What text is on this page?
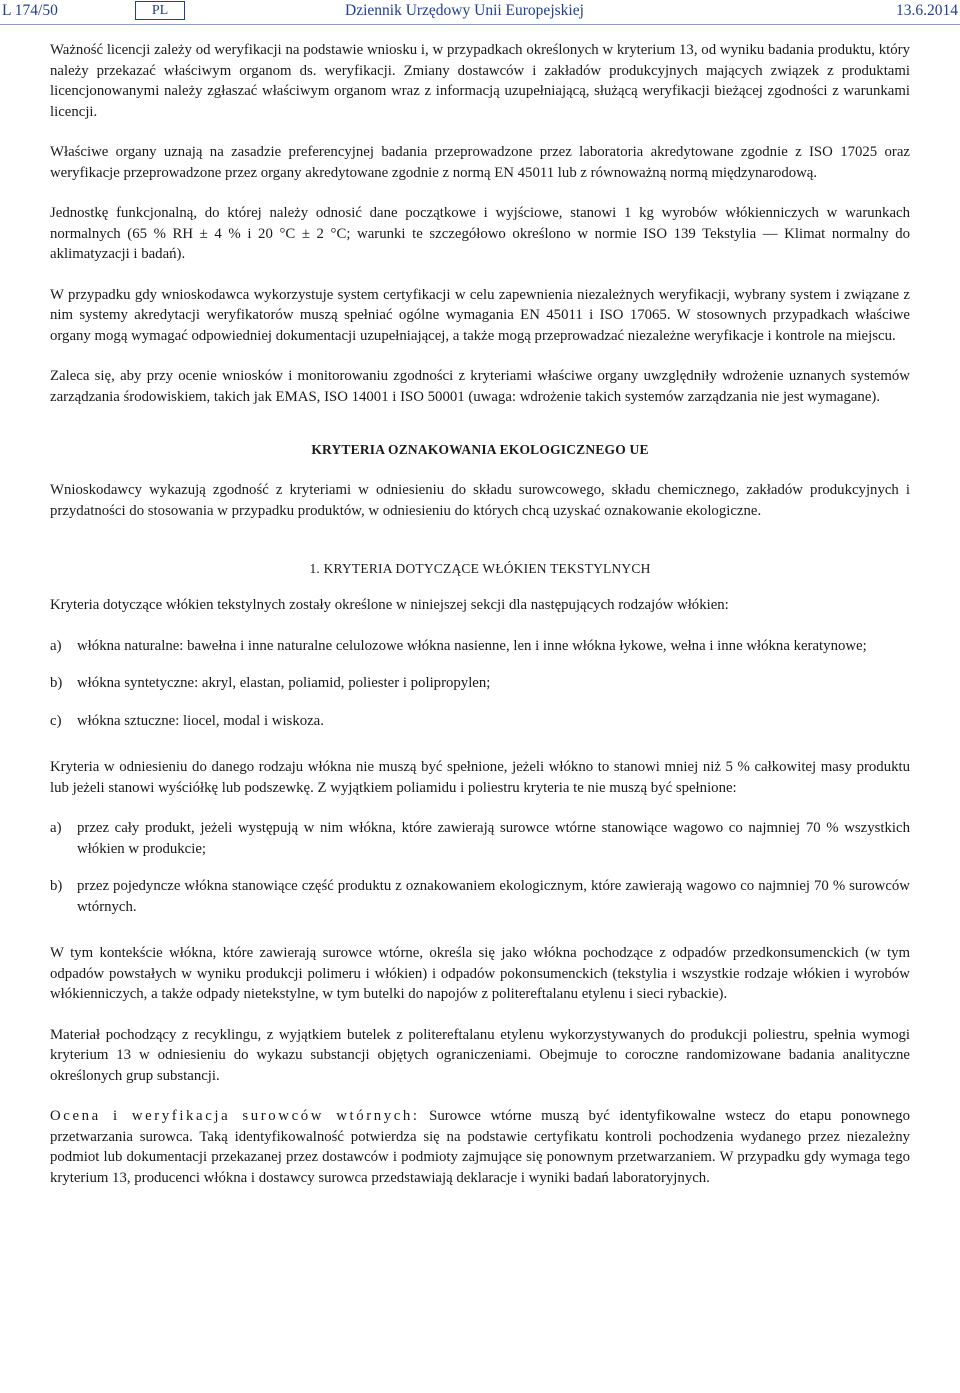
L 174/50	PL	Dziennik Urzędowy Unii Europejskiej	13.6.2014

Ważność licencji zależy od weryfikacji na podstawie wniosku i, w przypadkach określonych w kryterium 13, od wyniku badania produktu, który należy przekazać właściwym organom ds. weryfikacji. Zmiany dostawców i zakładów produkcyjnych mających związek z produktami licencjonowanymi należy zgłaszać właściwym organom wraz z informacją uzupełniającą, służącą weryfikacji bieżącej zgodności z warunkami licencji.

Właściwe organy uznają na zasadzie preferencyjnej badania przeprowadzone przez laboratoria akredytowane zgodnie z ISO 17025 oraz weryfikacje przeprowadzone przez organy akredytowane zgodnie z normą EN 45011 lub z równoważną normą międzynarodową.

Jednostkę funkcjonalną, do której należy odnosić dane początkowe i wyjściowe, stanowi 1 kg wyrobów włókienniczych w warunkach normalnych (65 % RH ± 4 % i 20 °C ± 2 °C; warunki te szczegółowo określono w normie ISO 139 Tekstylia — Klimat normalny do aklimatyzacji i badań).

W przypadku gdy wnioskodawca wykorzystuje system certyfikacji w celu zapewnienia niezależnych weryfikacji, wybrany system i związane z nim systemy akredytacji weryfikatorów muszą spełniać ogólne wymagania EN 45011 i ISO 17065. W stosownych przypadkach właściwe organy mogą wymagać odpowiedniej dokumentacji uzupełniającej, a także mogą przeprowadzać niezależne weryfikacje i kontrole na miejscu.

Zaleca się, aby przy ocenie wniosków i monitorowaniu zgodności z kryteriami właściwe organy uwzględniły wdrożenie uznanych systemów zarządzania środowiskiem, takich jak EMAS, ISO 14001 i ISO 50001 (uwaga: wdrożenie takich systemów zarządzania nie jest wymagane).

KRYTERIA OZNAKOWANIA EKOLOGICZNEGO UE

Wnioskodawcy wykazują zgodność z kryteriami w odniesieniu do składu surowcowego, składu chemicznego, zakładów produkcyjnych i przydatności do stosowania w przypadku produktów, w odniesieniu do których chcą uzyskać oznakowanie ekologiczne.

1. KRYTERIA DOTYCZĄCE WŁÓKIEN TEKSTYLNYCH

Kryteria dotyczące włókien tekstylnych zostały określone w niniejszej sekcji dla następujących rodzajów włókien:

a) włókna naturalne: bawełna i inne naturalne celulozowe włókna nasienne, len i inne włókna łykowe, wełna i inne włókna keratynowe;
b) włókna syntetyczne: akryl, elastan, poliamid, poliester i polipropylen;
c) włókna sztuczne: liocel, modal i wiskoza.

Kryteria w odniesieniu do danego rodzaju włókna nie muszą być spełnione, jeżeli włókno to stanowi mniej niż 5 % całkowitej masy produktu lub jeżeli stanowi wyściółkę lub podszewkę. Z wyjątkiem poliamidu i poliestru kryteria te nie muszą być spełnione:

a) przez cały produkt, jeżeli występują w nim włókna, które zawierają surowce wtórne stanowiące wagowo co najmniej 70 % wszystkich włókien w produkcie;
b) przez pojedyncze włókna stanowiące część produktu z oznakowaniem ekologicznym, które zawierają wagowo co najmniej 70 % surowców wtórnych.

W tym kontekście włókna, które zawierają surowce wtórne, określa się jako włókna pochodzące z odpadów przedkonsumenckich (w tym odpadów powstałych w wyniku produkcji polimeru i włókien) i odpadów pokonsumenckich (tekstylia i wszystkie rodzaje włókien i wyrobów włókienniczych, a także odpady nietekstylne, w tym butelki do napojów z politereftalanu etylenu i sieci rybackie).

Materiał pochodzący z recyklingu, z wyjątkiem butelek z politereftalanu etylenu wykorzystywanych do produkcji poliestru, spełnia wymogi kryterium 13 w odniesieniu do wykazu substancji objętych ograniczeniami. Obejmuje to coroczne randomizowane badania analityczne określonych grup substancji.

Ocena i weryfikacja surowców wtórnych: Surowce wtórne muszą być identyfikowalne wstecz do etapu ponownego przetwarzania surowca. Taką identyfikowalność potwierdza się na podstawie certyfikatu kontroli pochodzenia wydanego przez niezależny podmiot lub dokumentacji przekazanej przez dostawców i podmioty zajmujące się ponownym przetwarzaniem. W przypadku gdy wymaga tego kryterium 13, producenci włókna i dostawcy surowca przedstawiają deklaracje i wyniki badań laboratoryjnych.
